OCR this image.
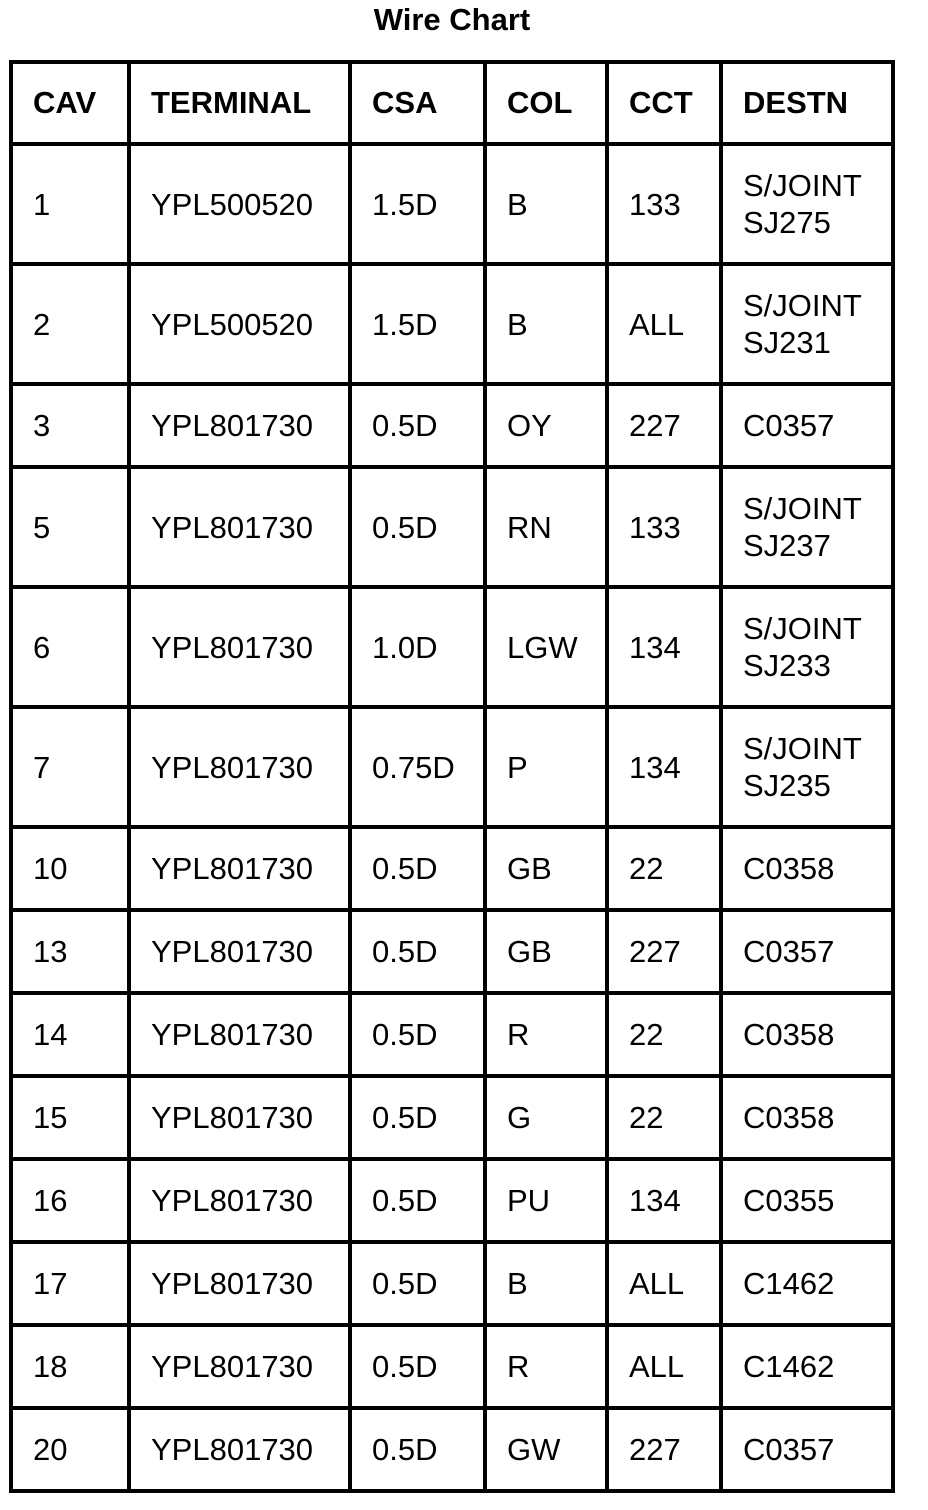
Wire Chart
CAV	TERMINAL	CSA	COL	CCT	DESTN
1	YPL500520	1.5D	B	133	S/JOINT
SJ275

2	YPL500520	1.5D	B	ALL	S/JOINT
SJ231

3	YPL801730	0.5D	OY	227	C0357

5	YPL801730	0.5D	RN	133	S/JOINT
SJ237

6	YPL801730	1.0D	LGW	134	S/JOINT
SJ233

7	YPL801730	0.75D	P	134	S/JOINT
SJ235

10	YPL801730	0.5D	GB	22	C0358

13	YPL801730	0.5D	GB	227	C0357

14	YPL801730	0.5D	R	22	C0358

15	YPL801730	0.5D	G	22	C0358

16	YPL801730	0.5D	PU	134	C0355

17	YPL801730	0.5D	B	ALL	C1462

18	YPL801730	0.5D	R	ALL	C1462

20	YPL801730	0.5D	GW	227	C0357
